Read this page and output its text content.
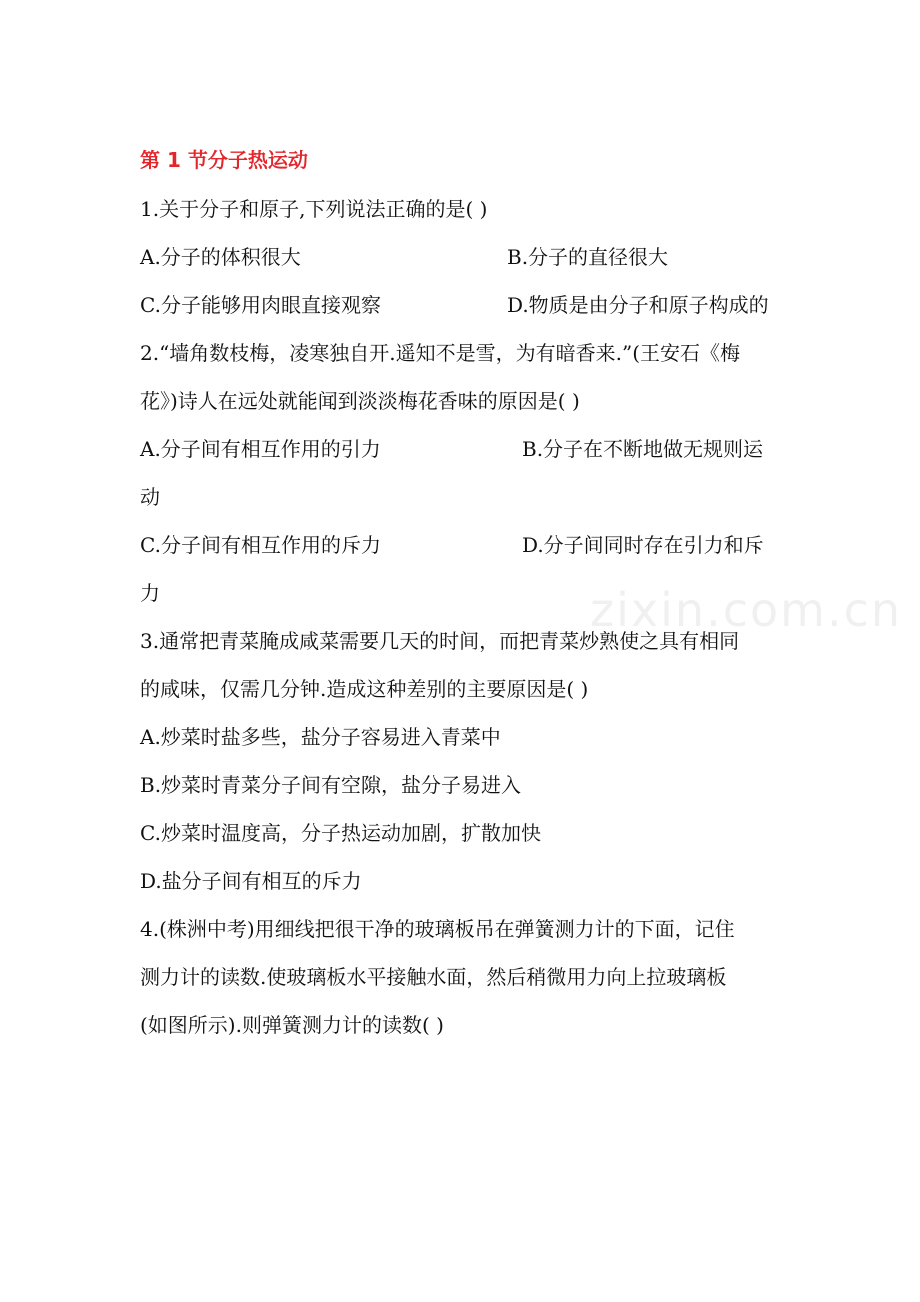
zixin.com.cn
第 1 节分子热运动
1.关于分子和原子,下列说法正确的是( )
A.分子的体积很大	B.分子的直径很大
C.分子能够用肉眼直接观察	D.物质是由分子和原子构成的
2.“墙角数枝梅，凌寒独自开.遥知不是雪，为有暗香来.”(王安石《梅
花》)诗人在远处就能闻到淡淡梅花香味的原因是( )
A.分子间有相互作用的引力	B.分子在不断地做无规则运
动
C.分子间有相互作用的斥力	D.分子间同时存在引力和斥
力
3.通常把青菜腌成咸菜需要几天的时间，而把青菜炒熟使之具有相同
的咸味，仅需几分钟.造成这种差别的主要原因是( )
A.炒菜时盐多些，盐分子容易进入青菜中
B.炒菜时青菜分子间有空隙，盐分子易进入
C.炒菜时温度高，分子热运动加剧，扩散加快
D.盐分子间有相互的斥力
4.(株洲中考)用细线把很干净的玻璃板吊在弹簧测力计的下面，记住
测力计的读数.使玻璃板水平接触水面，然后稍微用力向上拉玻璃板
(如图所示).则弹簧测力计的读数( )
